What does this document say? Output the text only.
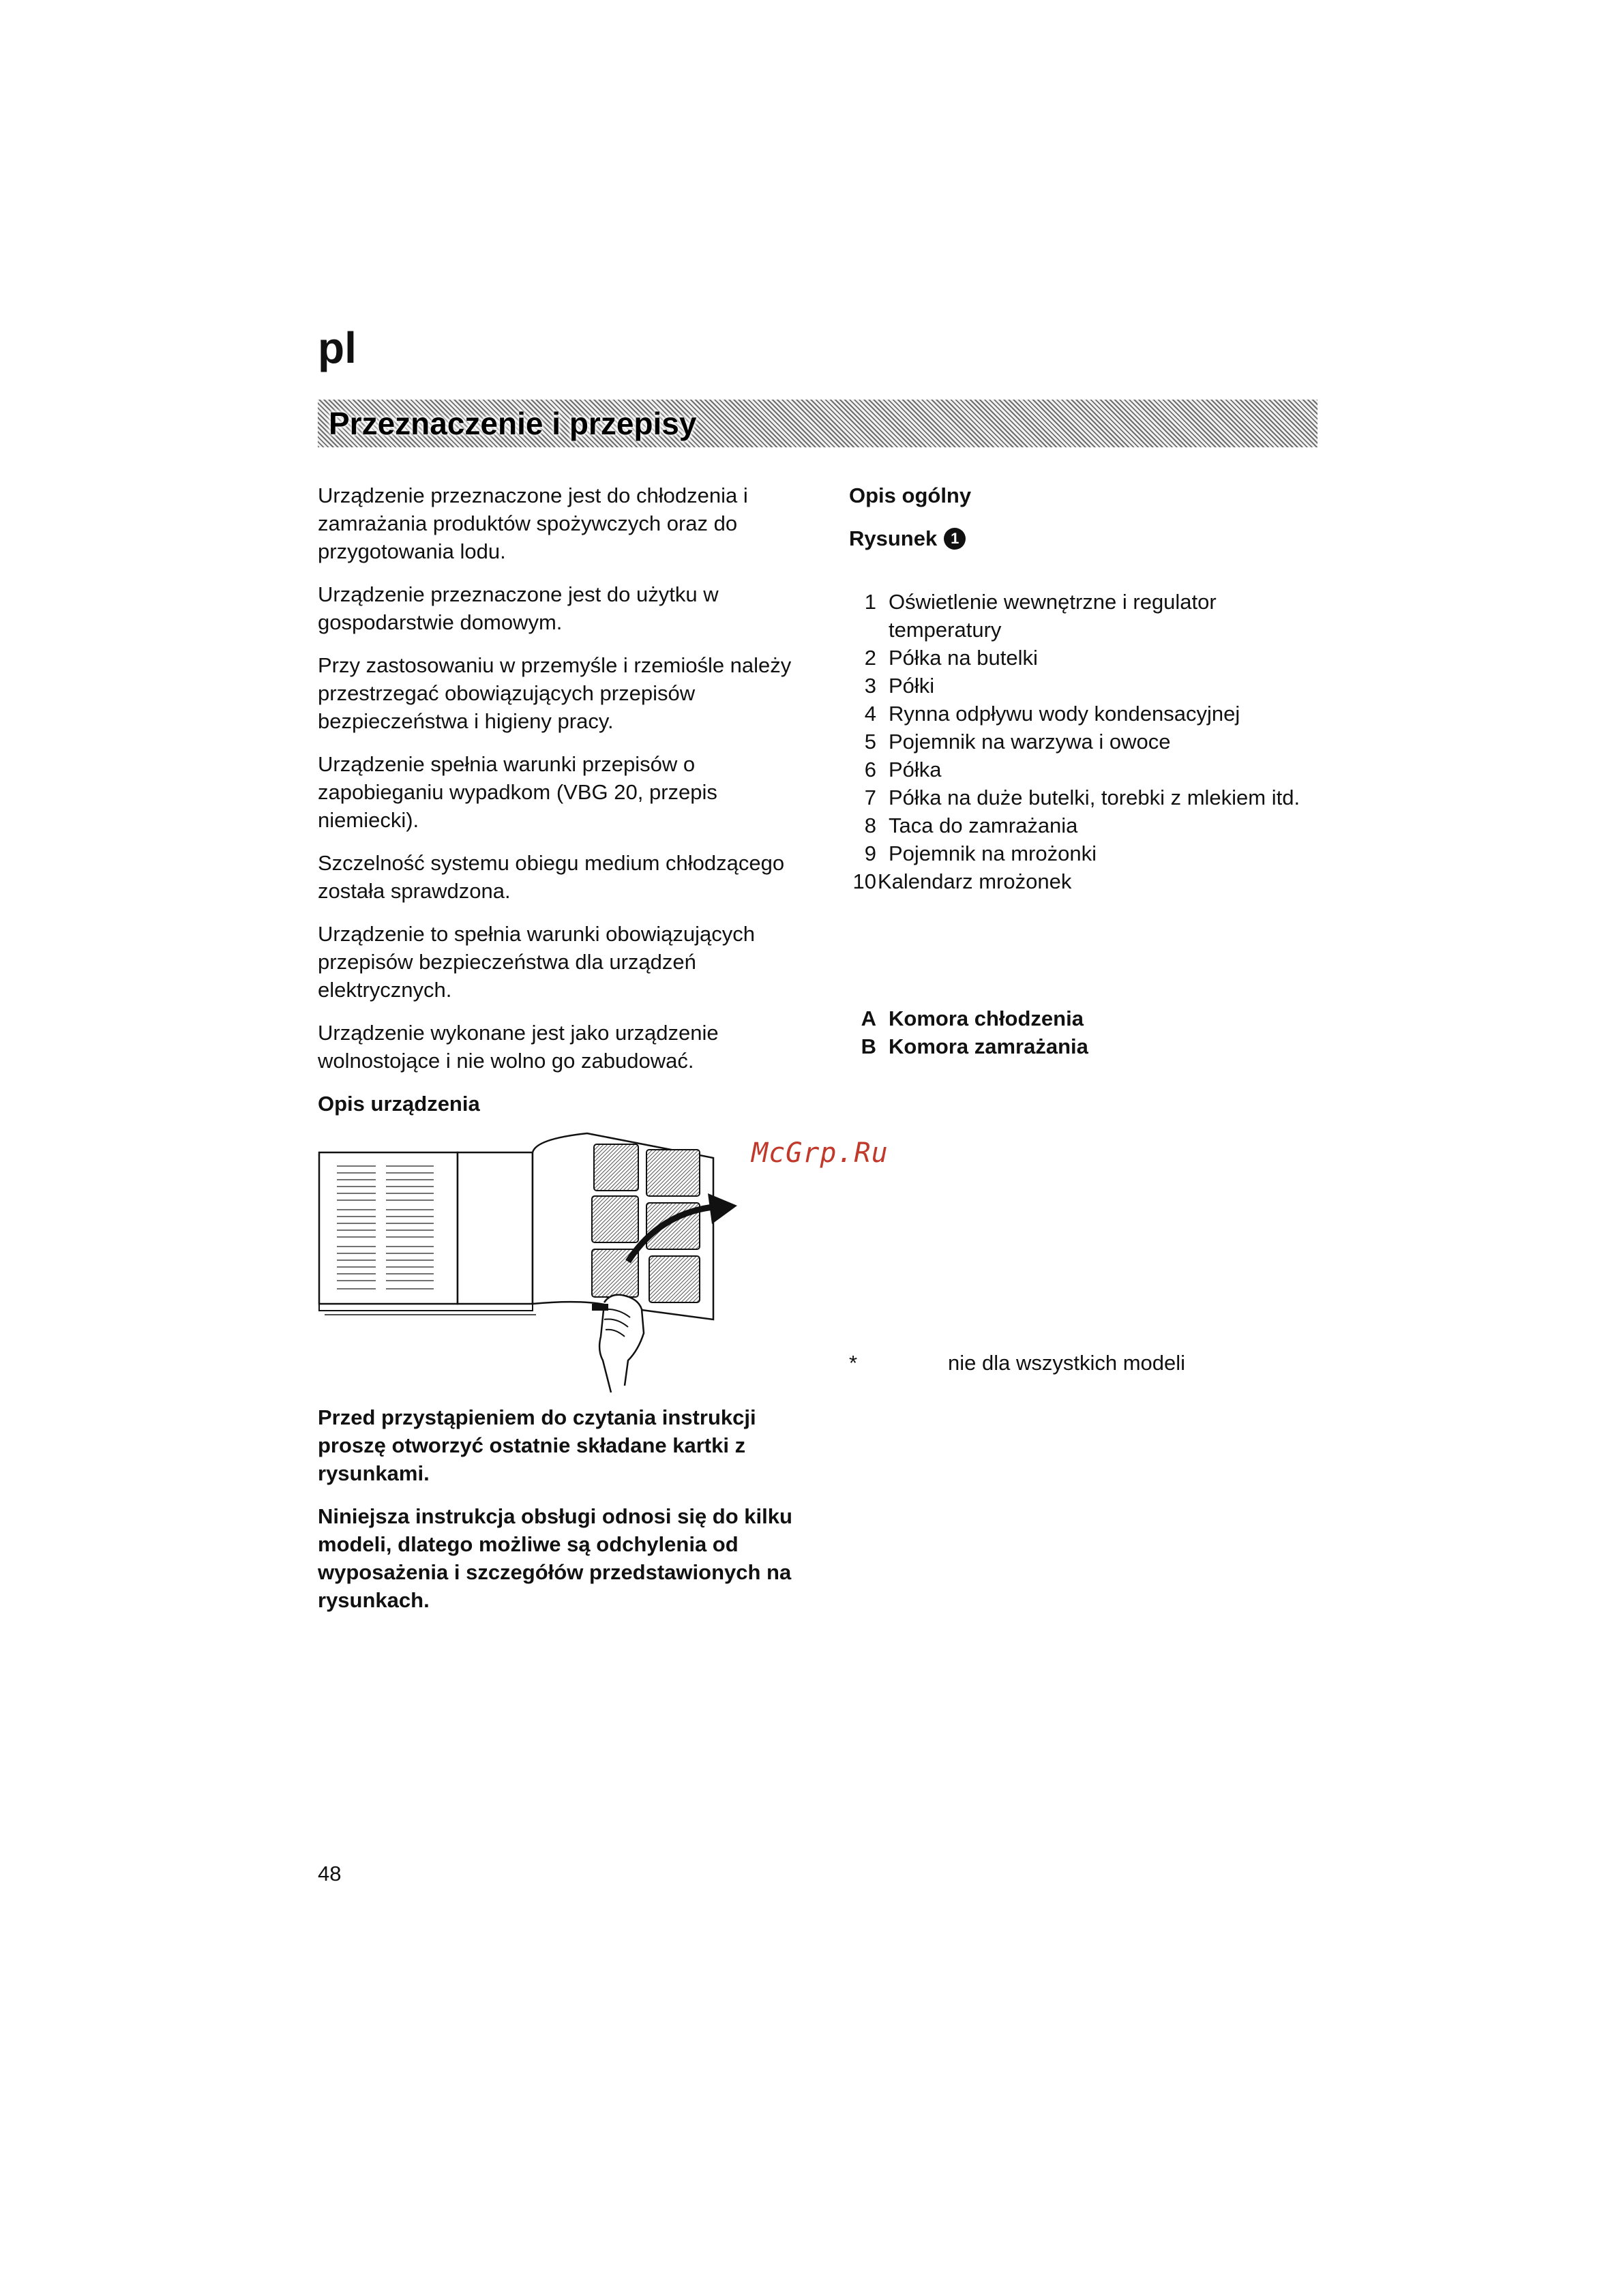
pl
Przeznaczenie i przepisy

Urządzenie przeznaczone jest do chłodzenia i zamrażania produktów spożywczych oraz do przygotowania lodu.

Urządzenie przeznaczone jest do użytku w gospodarstwie domowym.

Przy zastosowaniu w przemyśle i rzemiośle należy przestrzegać obowiązujących przepisów bezpieczeństwa i higieny pracy.

Urządzenie spełnia warunki przepisów o zapobieganiu wypadkom (VBG 20, przepis niemiecki).

Szczelność systemu obiegu medium chłodzącego została sprawdzona.

Urządzenie to spełnia warunki obowiązujących przepisów bezpieczeństwa dla urządzeń elektrycznych.

Urządzenie wykonane jest jako urządzenie wolnostojące i nie wolno go zabudować.

Opis urządzenia

Przed przystąpieniem do czytania instrukcji proszę otworzyć ostatnie składane kartki z rysunkami.

Niniejsza instrukcja obsługi odnosi się do kilku modeli, dlatego możliwe są odchylenia od wyposażenia i szczegółów przedstawionych na rysunkach.

Opis ogólny

Rysunek 1
1 Oświetlenie wewnętrzne i regulator temperatury
2 Półka na butelki
3 Półki
4 Rynna odpływu wody kondensacyjnej
5 Pojemnik na warzywa i owoce
6 Półka
7 Półka na duże butelki, torebki z mlekiem itd.
8 Taca do zamrażania
9 Pojemnik na mrożonki
10 Kalendarz mrożonek
A Komora chłodzenia
B Komora zamrażania
McGrp.Ru
*	nie dla wszystkich modeli
48
